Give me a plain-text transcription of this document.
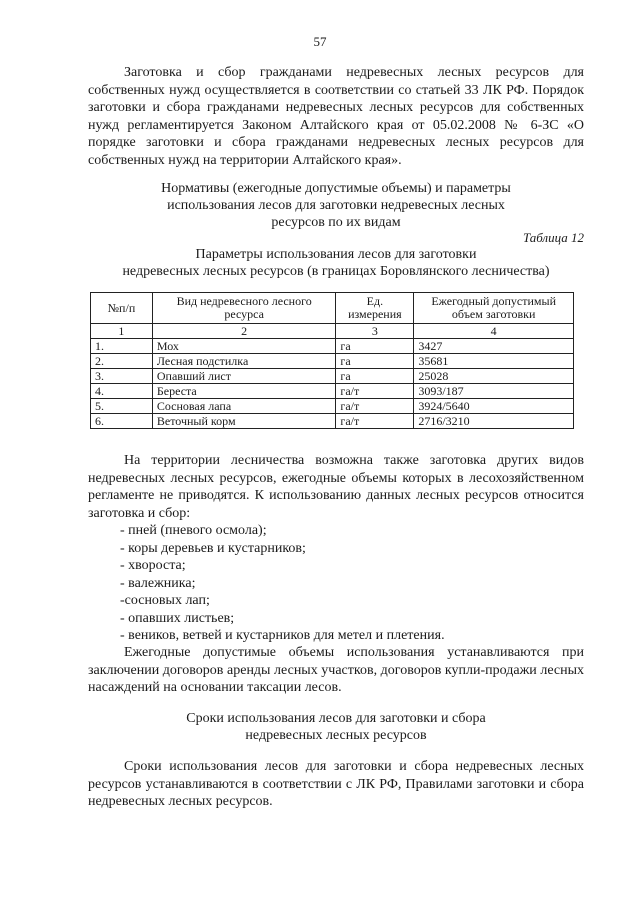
57

Заготовка и сбор гражданами недревесных лесных ресурсов для собственных нужд осуществляется в соответствии со статьей 33 ЛК РФ. Порядок заготовки и сбора гражданами недревесных лесных ресурсов для собственных нужд регламентируется Законом Алтайского края от 05.02.2008 № 6-ЗС «О порядке заготовки и сбора гражданами недревесных лесных ресурсов для собственных нужд на территории Алтайского края».

Нормативы (ежегодные допустимые объемы) и параметры
использования лесов для заготовки недревесных лесных
ресурсов по их видам
Таблица 12
Параметры использования лесов для заготовки
недревесных лесных ресурсов (в границах Боровлянского лесничества)
№п/п	Вид недревесного лесного ресурса	Ед. измерения	Ежегодный допустимый объем заготовки
1	2	3	4
1.	Мох	га	3427
2.	Лесная подстилка	га	35681
3.	Опавший лист	га	25028
4.	Береста	га/т	3093/187
5.	Сосновая лапа	га/т	3924/5640
6.	Веточный корм	га/т	2716/3210

На территории лесничества возможна также заготовка других видов недревесных лесных ресурсов, ежегодные объемы которых в лесохозяйственном регламенте не приводятся. К использованию данных лесных ресурсов относится заготовка и сбор:

- пней (пневого осмола);
- коры деревьев и кустарников;
- хвороста;
- валежника;
-сосновых лап;
- опавших листьев;
- веников, ветвей и кустарников для метел и плетения.

Ежегодные допустимые объемы использования устанавливаются при заключении договоров аренды лесных участков, договоров купли-продажи лесных насаждений на основании таксации лесов.

Сроки использования лесов для заготовки и сбора
недревесных лесных ресурсов

Сроки использования лесов для заготовки и сбора недревесных лесных ресурсов устанавливаются в соответствии с ЛК РФ, Правилами заготовки и сбора недревесных лесных ресурсов.
